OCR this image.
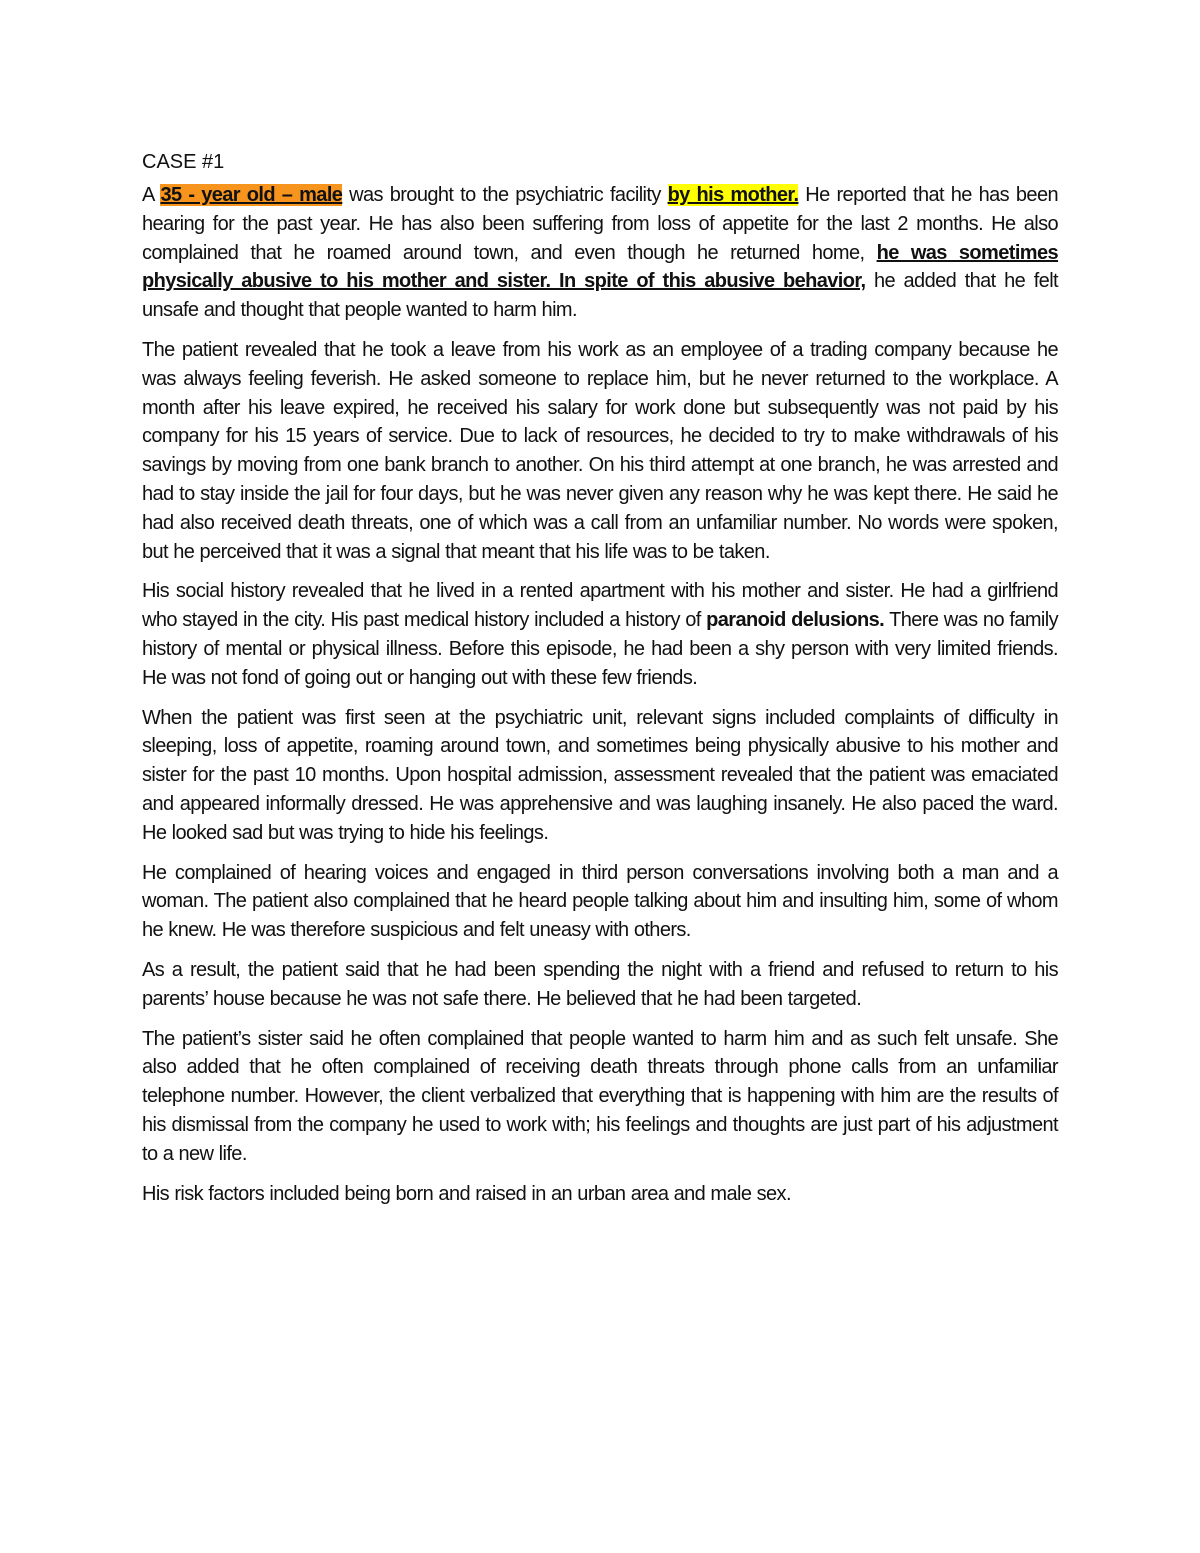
CASE #1

A 35 - year old – male was brought to the psychiatric facility by his mother. He reported that he has been hearing for the past year. He has also been suffering from loss of appetite for the last 2 months. He also complained that he roamed around town, and even though he returned home, he was sometimes physically abusive to his mother and sister. In spite of this abusive behavior, he added that he felt unsafe and thought that people wanted to harm him.

The patient revealed that he took a leave from his work as an employee of a trading company because he was always feeling feverish. He asked someone to replace him, but he never returned to the workplace. A month after his leave expired, he received his salary for work done but subsequently was not paid by his company for his 15 years of service. Due to lack of resources, he decided to try to make withdrawals of his savings by moving from one bank branch to another. On his third attempt at one branch, he was arrested and had to stay inside the jail for four days, but he was never given any reason why he was kept there. He said he had also received death threats, one of which was a call from an unfamiliar number. No words were spoken, but he perceived that it was a signal that meant that his life was to be taken.

His social history revealed that he lived in a rented apartment with his mother and sister. He had a girlfriend who stayed in the city. His past medical history included a history of paranoid delusions. There was no family history of mental or physical illness. Before this episode, he had been a shy person with very limited friends. He was not fond of going out or hanging out with these few friends.

When the patient was first seen at the psychiatric unit, relevant signs included complaints of difficulty in sleeping, loss of appetite, roaming around town, and sometimes being physically abusive to his mother and sister for the past 10 months. Upon hospital admission, assessment revealed that the patient was emaciated and appeared informally dressed. He was apprehensive and was laughing insanely. He also paced the ward. He looked sad but was trying to hide his feelings.

He complained of hearing voices and engaged in third person conversations involving both a man and a woman. The patient also complained that he heard people talking about him and insulting him, some of whom he knew. He was therefore suspicious and felt uneasy with others.

As a result, the patient said that he had been spending the night with a friend and refused to return to his parents’ house because he was not safe there. He believed that he had been targeted.

The patient’s sister said he often complained that people wanted to harm him and as such felt unsafe. She also added that he often complained of receiving death threats through phone calls from an unfamiliar telephone number. However, the client verbalized that everything that is happening with him are the results of his dismissal from the company he used to work with; his feelings and thoughts are just part of his adjustment to a new life.

His risk factors included being born and raised in an urban area and male sex.
